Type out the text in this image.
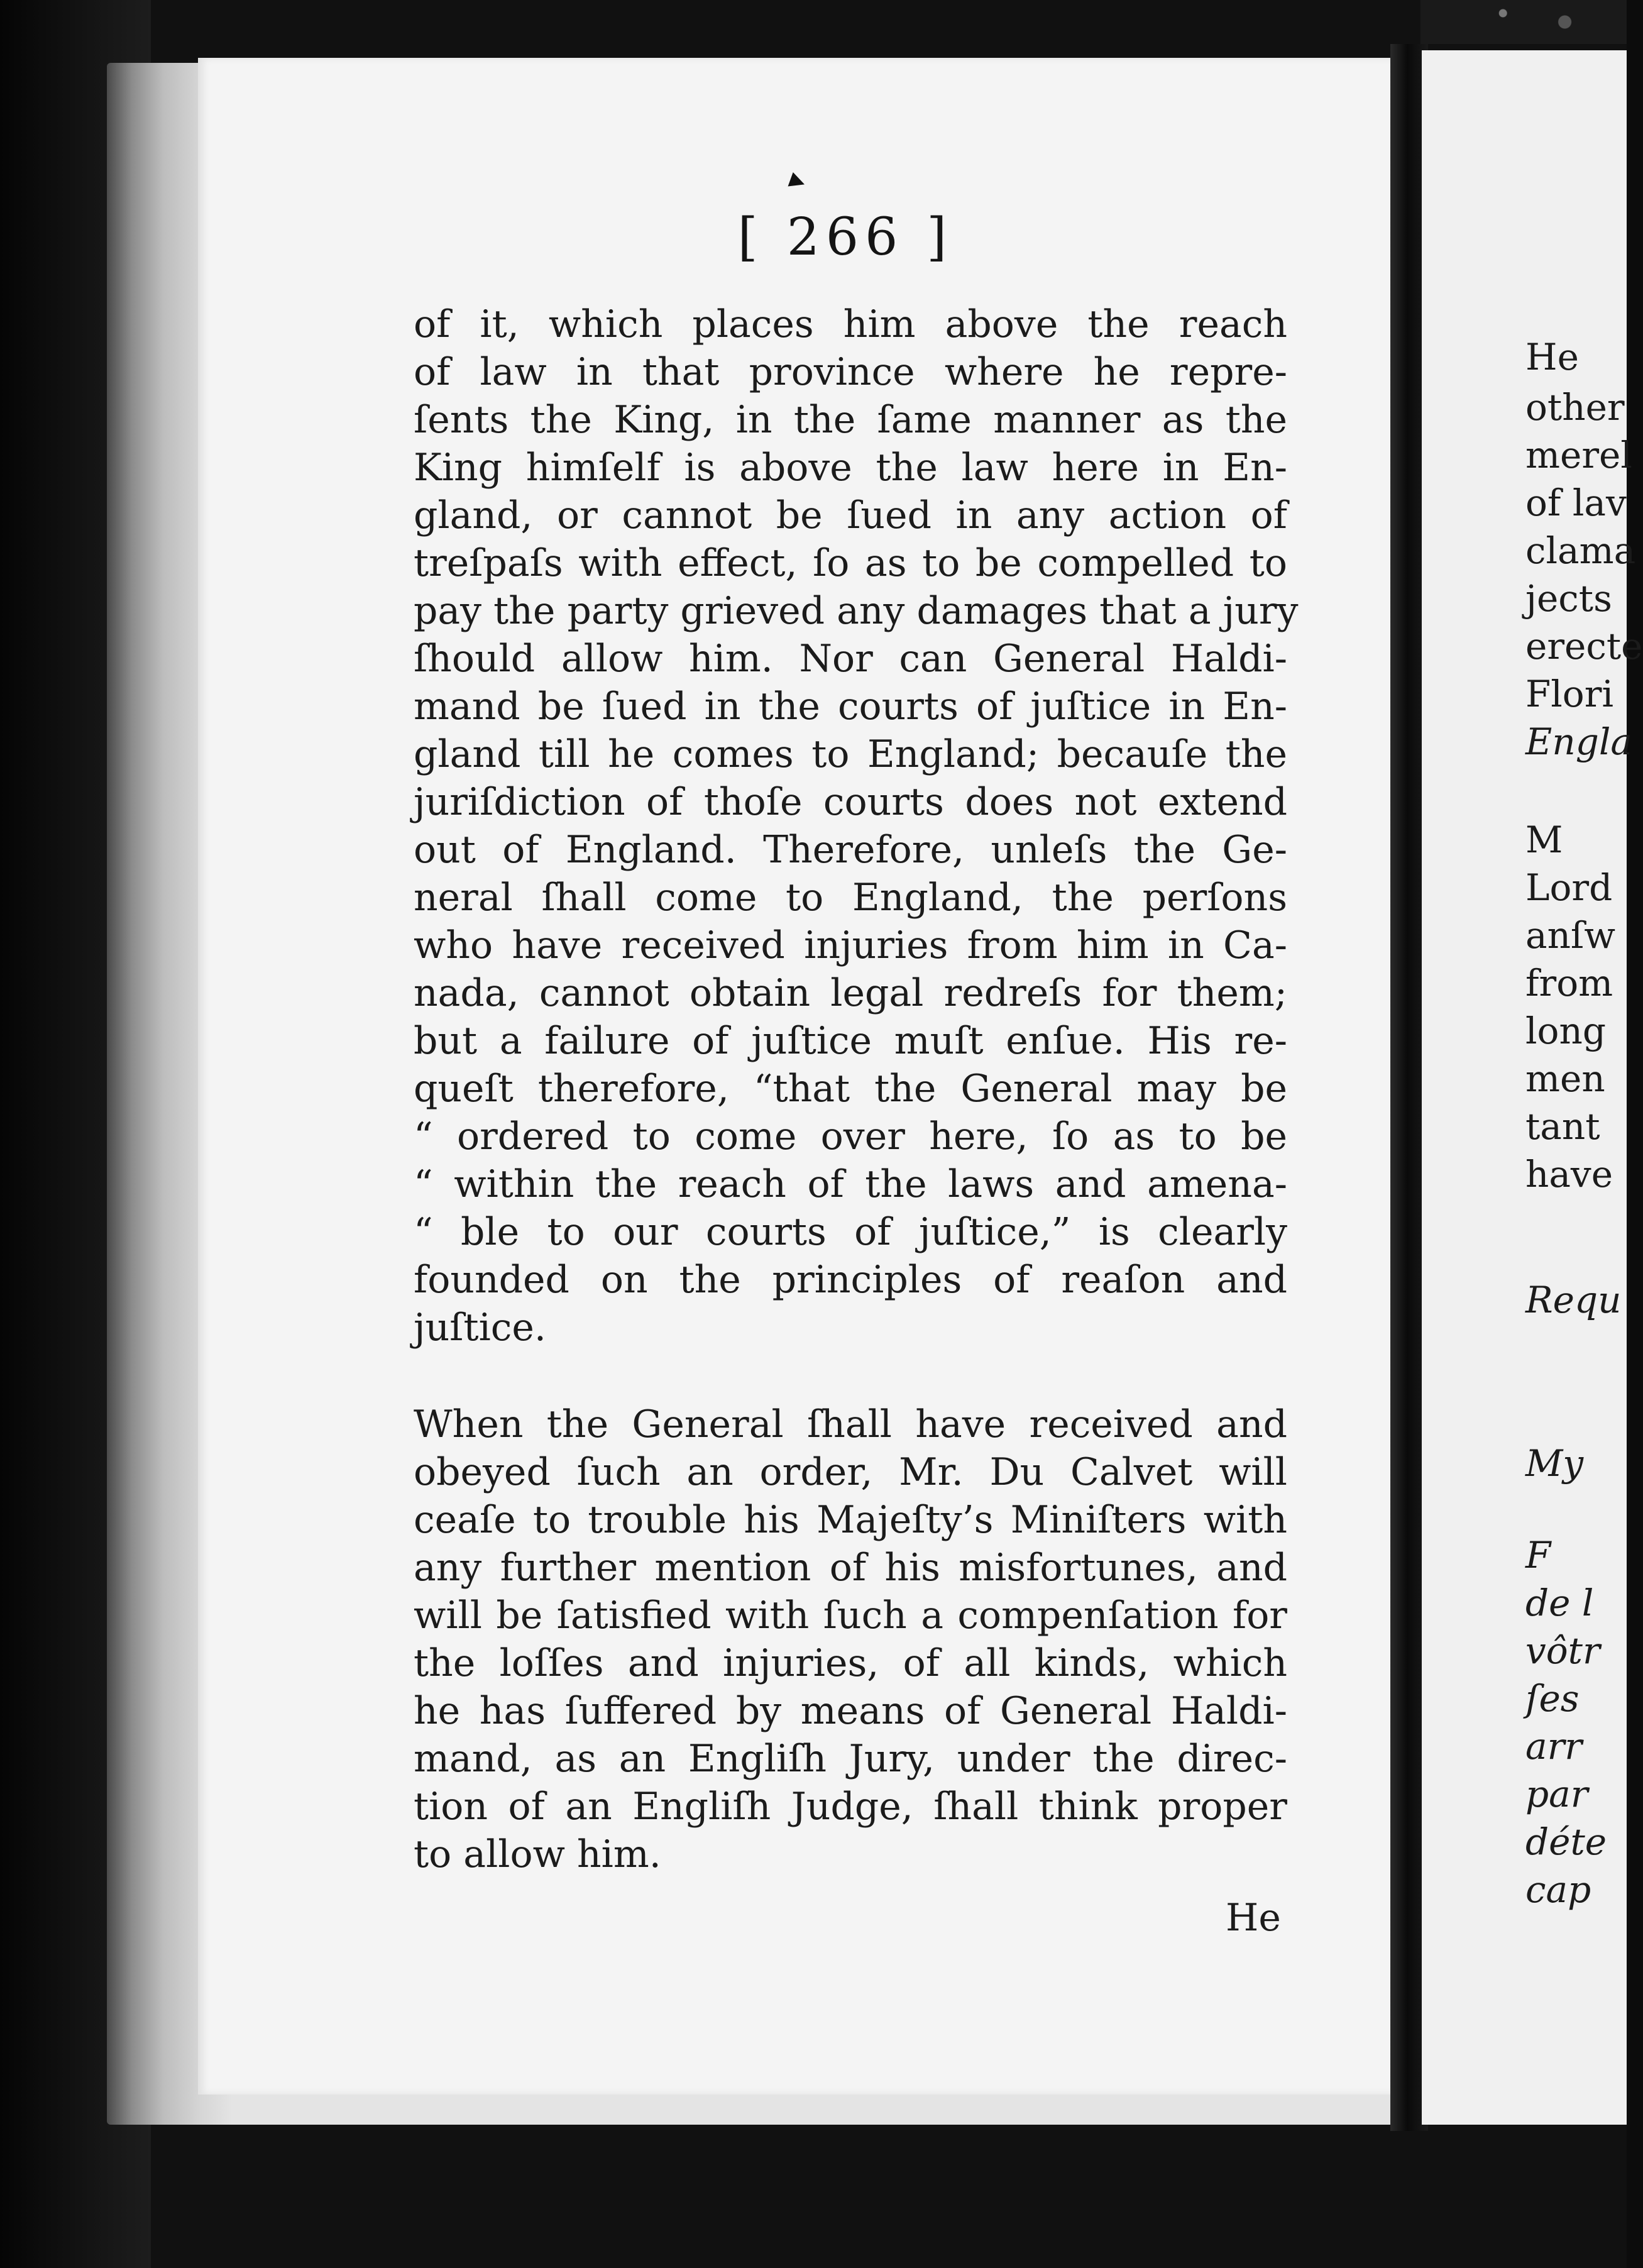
▸
[ 266 ]
of it, which places him above the reach
of law in that province where he repre-
ſents the King, in the ſame manner as the
King himſelf is above the law here in En-
gland, or cannot be ſued in any action of
treſpaſs with effect, ſo as to be compelled to
pay the party grieved any damages that a jury
ſhould allow him. Nor can General Haldi-
mand be ſued in the courts of juſtice in En-
gland till he comes to England; becauſe the
juriſdiction of thoſe courts does not extend
out of England. Therefore, unleſs the Ge-
neral ſhall come to England, the perſons
who have received injuries from him in Ca-
nada, cannot obtain legal redreſs for them;
but a failure of juſtice muſt enſue. His re-
queſt therefore, “that the General may be
“ ordered to come over here, ſo as to be
“ within the reach of the laws and amena-
“ ble to our courts of juſtice,” is clearly
founded on the principles of reaſon and
juſtice.
When the General ſhall have received and
obeyed ſuch an order, Mr. Du Calvet will
ceaſe to trouble his Majeſty’s Miniſters with
any further mention of his misfortunes, and
will be ſatisfied with ſuch a compenſation for
the loſſes and injuries, of all kinds, which
he has ſuffered by means of General Haldi-
mand, as an Engliſh Jury, under the direc-
tion of an Engliſh Judge, ſhall think proper
to allow him.
He
He
other
merel
of lav
clama
jects
erecte
Flori
Engla
M
Lord
anſw
from
long
men
tant
have
Requ
My
F
de l
vôtr
ſes
arr
par
déte
cap
